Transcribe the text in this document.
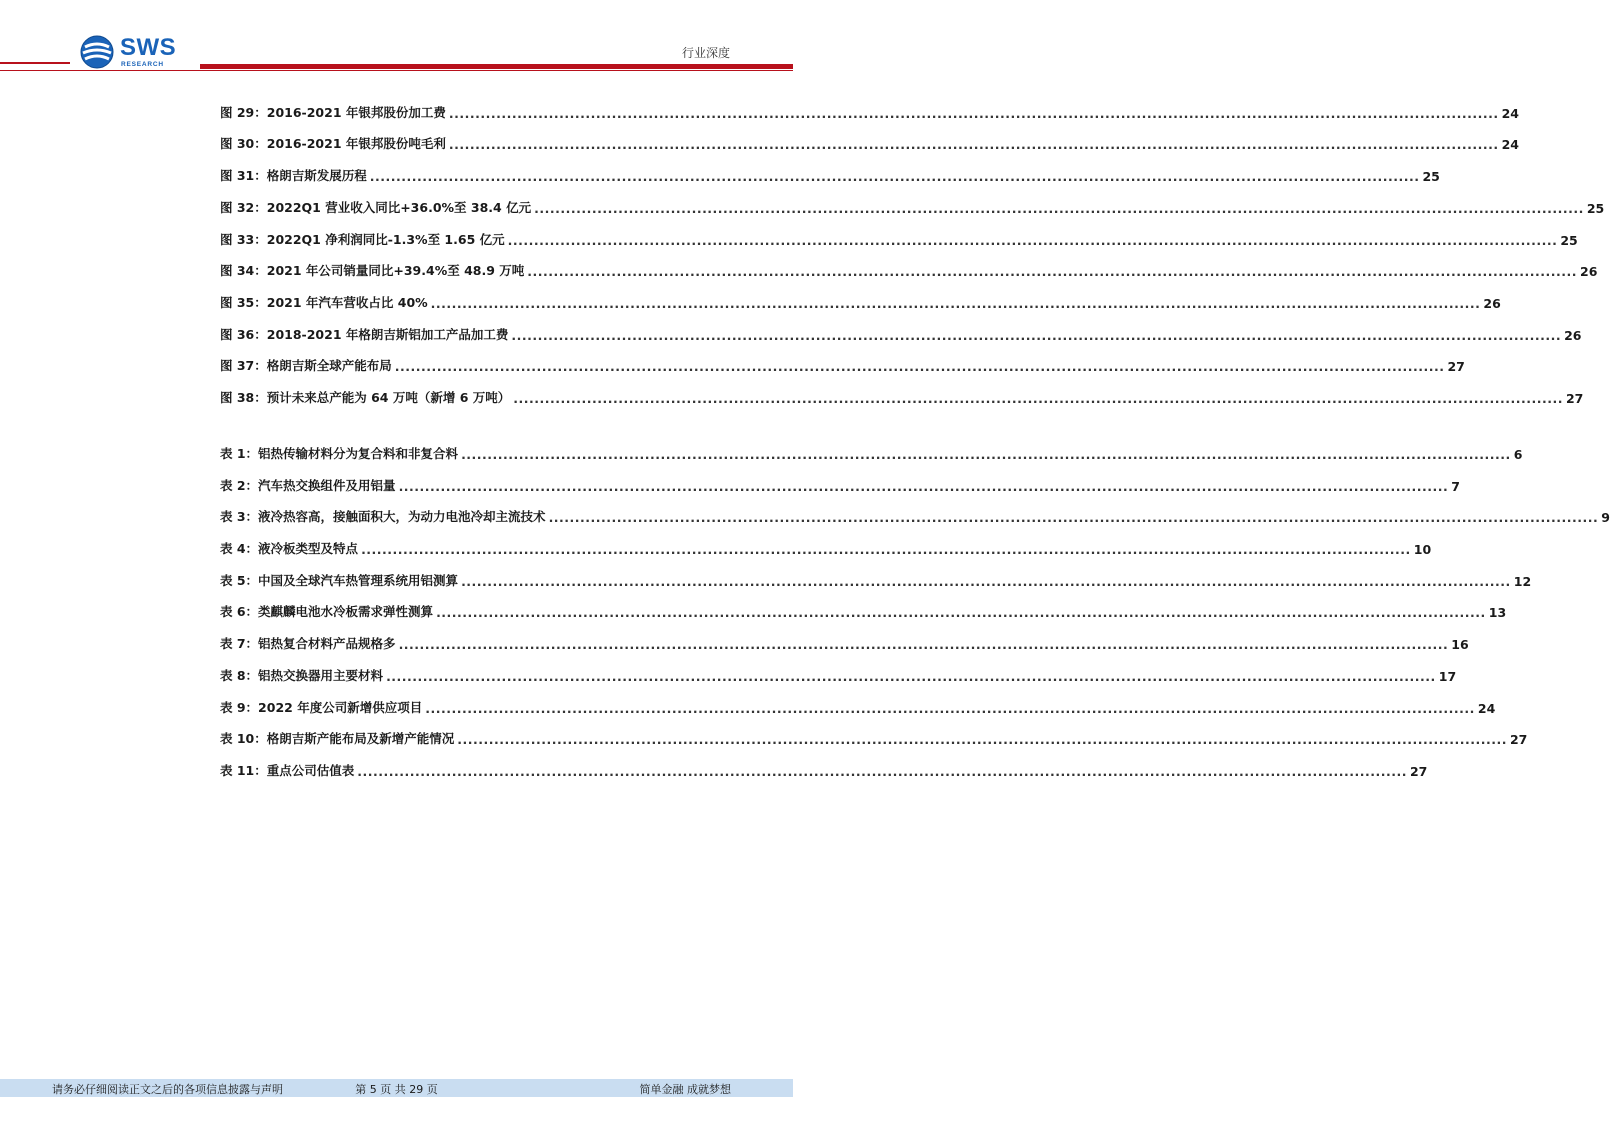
SWS
RESEARCH
行业深度
图 29：2016-2021 年银邦股份加工费 ........................................................................................................................................................................................................ 24
图 30：2016-2021 年银邦股份吨毛利 ........................................................................................................................................................................................................ 24
图 31：格朗吉斯发展历程 ........................................................................................................................................................................................................ 25
图 32：2022Q1 营业收入同比+36.0%至 38.4 亿元 ........................................................................................................................................................................................................ 25
图 33：2022Q1 净利润同比-1.3%至 1.65 亿元 ........................................................................................................................................................................................................ 25
图 34：2021 年公司销量同比+39.4%至 48.9 万吨 ........................................................................................................................................................................................................ 26
图 35：2021 年汽车营收占比 40% ........................................................................................................................................................................................................ 26
图 36：2018-2021 年格朗吉斯铝加工产品加工费 ........................................................................................................................................................................................................ 26
图 37：格朗吉斯全球产能布局 ........................................................................................................................................................................................................ 27
图 38：预计未来总产能为 64 万吨（新增 6 万吨） ........................................................................................................................................................................................................ 27
表 1：铝热传输材料分为复合料和非复合料 ........................................................................................................................................................................................................ 6
表 2：汽车热交换组件及用铝量 ........................................................................................................................................................................................................ 7
表 3：液冷热容高，接触面积大，为动力电池冷却主流技术 ........................................................................................................................................................................................................ 9
表 4：液冷板类型及特点 ........................................................................................................................................................................................................ 10
表 5：中国及全球汽车热管理系统用铝测算 ........................................................................................................................................................................................................ 12
表 6：类麒麟电池水冷板需求弹性测算 ........................................................................................................................................................................................................ 13
表 7：铝热复合材料产品规格多 ........................................................................................................................................................................................................ 16
表 8：铝热交换器用主要材料 ........................................................................................................................................................................................................ 17
表 9：2022 年度公司新增供应项目 ........................................................................................................................................................................................................ 24
表 10：格朗吉斯产能布局及新增产能情况 ........................................................................................................................................................................................................ 27
表 11：重点公司估值表 ........................................................................................................................................................................................................ 27
请务必仔细阅读正文之后的各项信息披露与声明	第 5 页 共 29 页	简单金融 成就梦想
